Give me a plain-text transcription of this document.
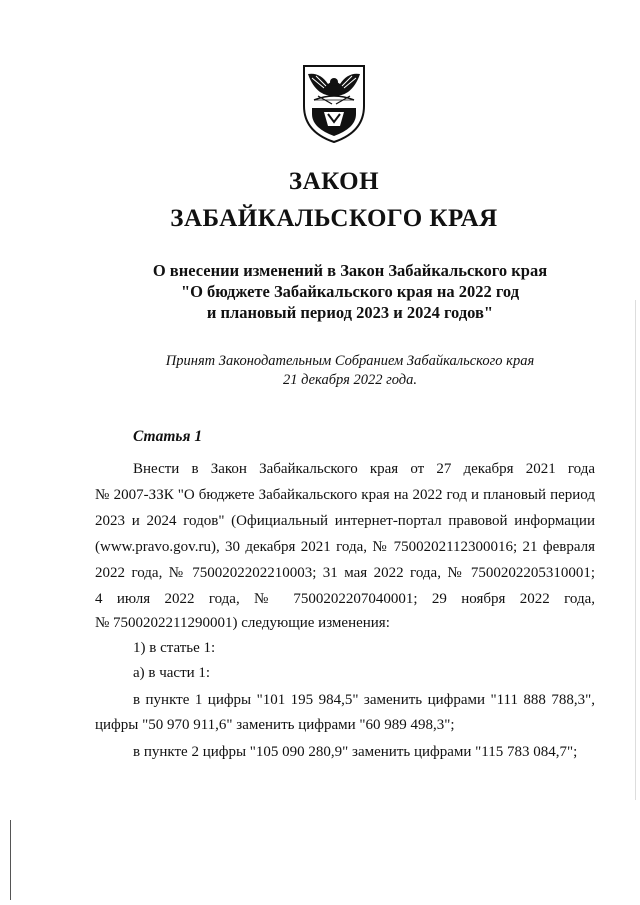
ЗАКОН
ЗАБАЙКАЛЬСКОГО КРАЯ
О внесении изменений в Закон Забайкальского края
"О бюджете Забайкальского края на 2022 год
и плановый период 2023 и 2024 годов"
Принят Законодательным Собранием Забайкальского края
21 декабря 2022 года.
Статья 1
Внести в Закон Забайкальского края от 27 декабря 2021 года
№ 2007-ЗЗК "О бюджете Забайкальского края на 2022 год и плановый период
2023 и 2024 годов" (Официальный интернет-портал правовой информации
(www.pravo.gov.ru), 30 декабря 2021 года, № 7500202112300016; 21 февраля
2022 года, № 7500202202210003; 31 мая 2022 года, № 7500202205310001;
4 июля 2022 года, № 7500202207040001; 29 ноября 2022 года,
№ 7500202211290001) следующие изменения:
1) в статье 1:
а) в части 1:
в пункте 1 цифры "101 195 984,5" заменить цифрами "111 888 788,3",
цифры "50 970 911,6" заменить цифрами "60 989 498,3";
в пункте 2 цифры "105 090 280,9" заменить цифрами "115 783 084,7";
